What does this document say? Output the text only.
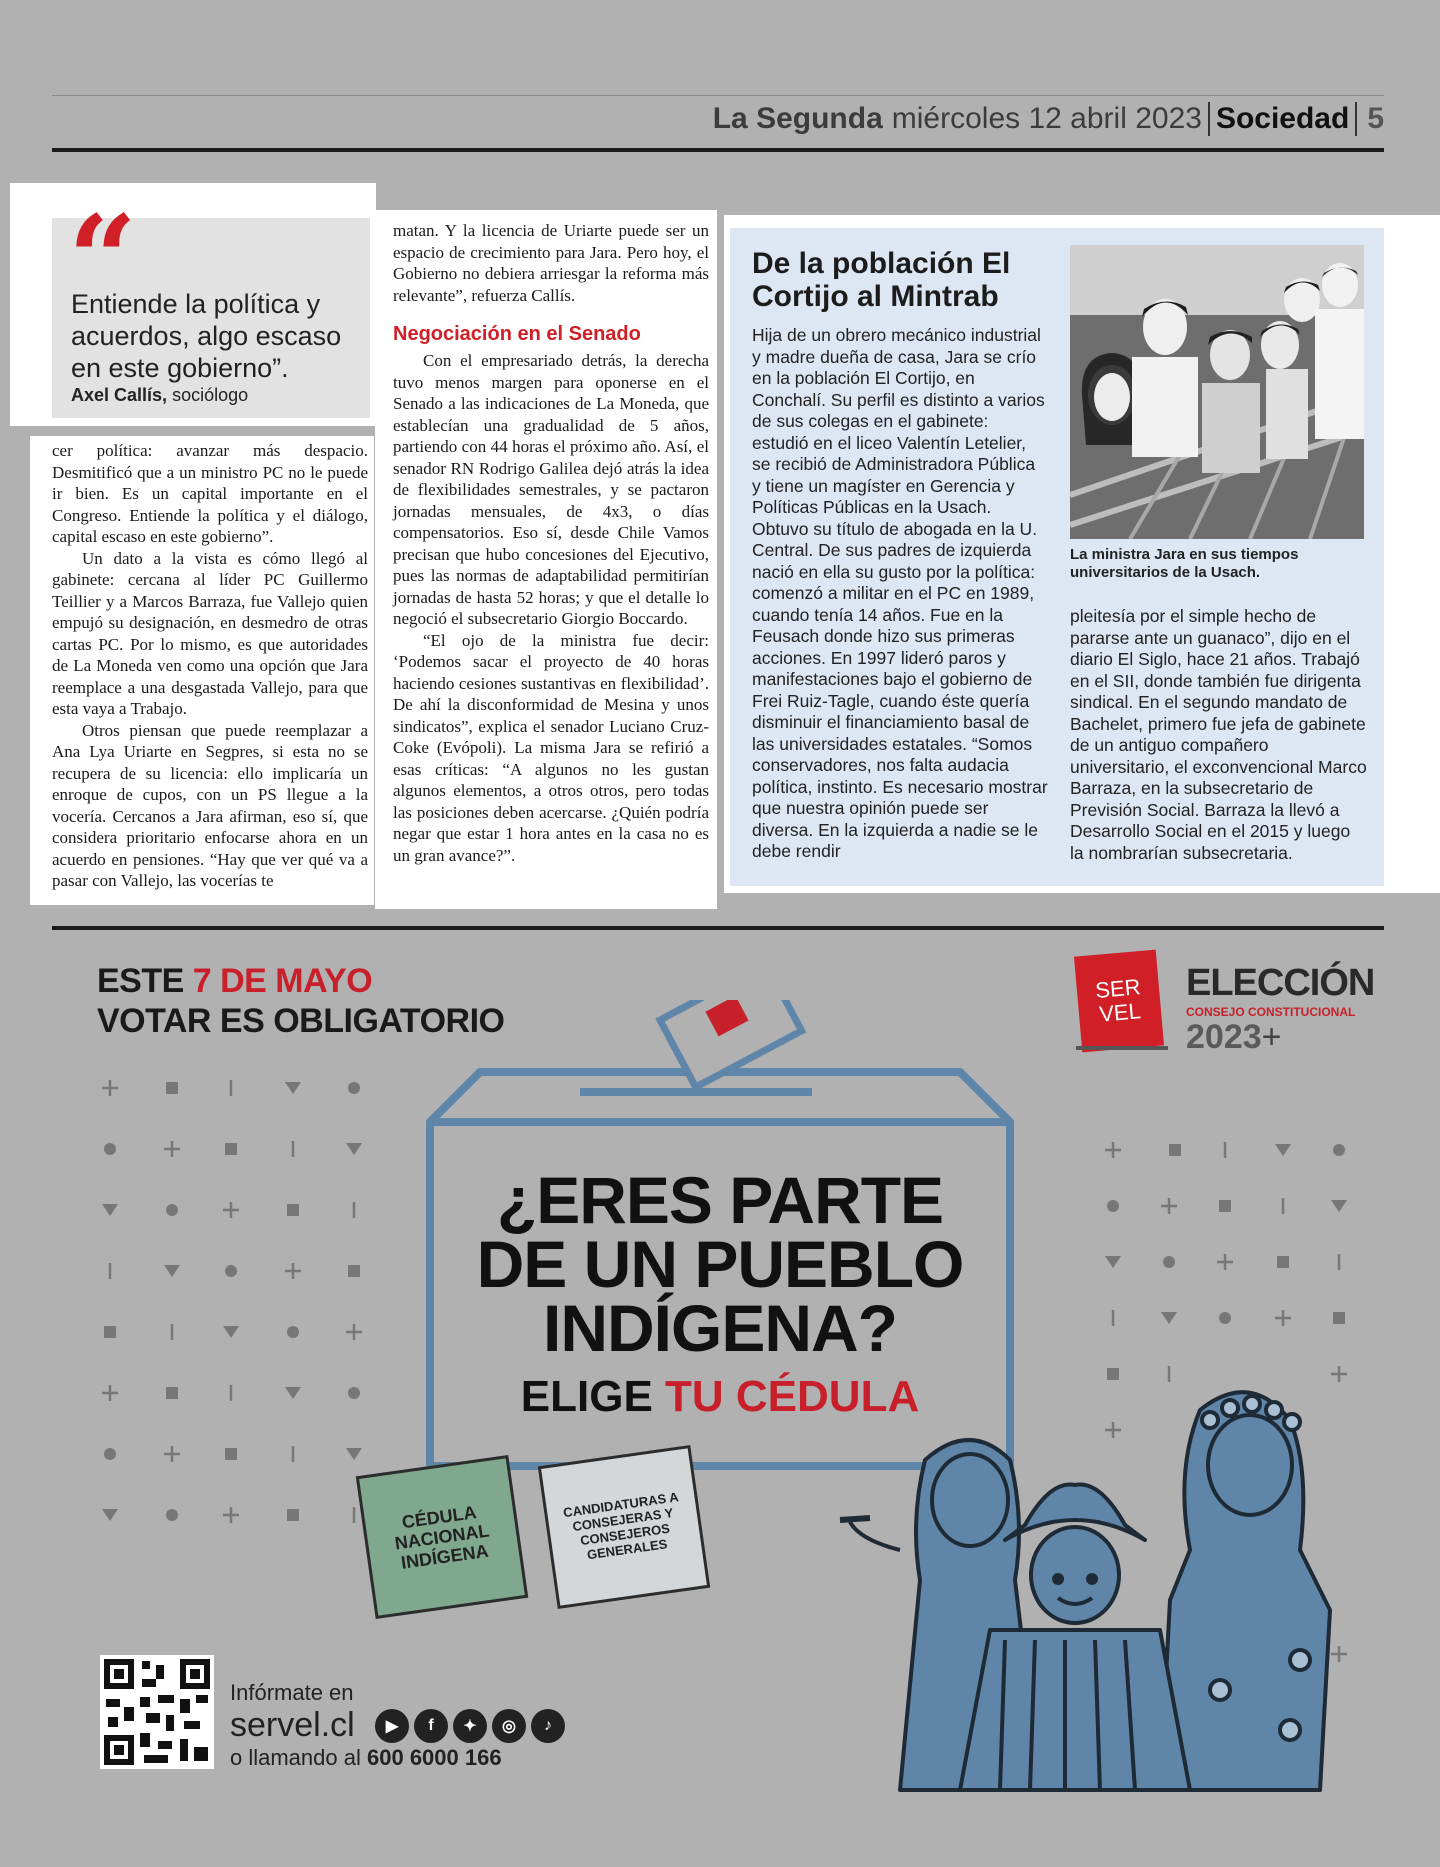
La Segunda miércoles 12 abril 2023 Sociedad 5
“
Entiende la política y acuerdos, algo escaso en este gobierno”.
Axel Callís, sociólogo

cer política: avanzar más despacio. Desmitificó que a un ministro PC no le puede ir bien. Es un capital importante en el Congreso. Entiende la política y el diálogo, capital escaso en este gobierno”.

Un dato a la vista es cómo llegó al gabinete: cercana al líder PC Guillermo Teillier y a Marcos Barraza, fue Vallejo quien empujó su designación, en desmedro de otras cartas PC. Por lo mismo, es que autoridades de La Moneda ven como una opción que Jara reemplace a una desgastada Vallejo, para que esta vaya a Trabajo.

Otros piensan que puede reemplazar a Ana Lya Uriarte en Segpres, si esta no se recupera de su licencia: ello implicaría un enroque de cupos, con un PS llegue a la vocería. Cercanos a Jara afirman, eso sí, que considera prioritario enfocarse ahora en un acuerdo en pensiones. “Hay que ver qué va a pasar con Vallejo, las vocerías te

matan. Y la licencia de Uriarte puede ser un espacio de crecimiento para Jara. Pero hoy, el Gobierno no debiera arriesgar la reforma más relevante”, refuerza Callís.

Negociación en el Senado

Con el empresariado detrás, la derecha tuvo menos margen para oponerse en el Senado a las indicaciones de La Moneda, que establecían una gradualidad de 5 años, partiendo con 44 horas el próximo año. Así, el senador RN Rodrigo Galilea dejó atrás la idea de flexibilidades semestrales, y se pactaron jornadas mensuales, de 4x3, o días compensatorios. Eso sí, desde Chile Vamos precisan que hubo concesiones del Ejecutivo, pues las normas de adaptabilidad permitirían jornadas de hasta 52 horas; y que el detalle lo negoció el subsecretario Giorgio Boccardo.

“El ojo de la ministra fue decir: ‘Podemos sacar el proyecto de 40 horas haciendo cesiones sustantivas en flexibilidad’. De ahí la disconformidad de Mesina y unos sindicatos”, explica el senador Luciano Cruz-Coke (Evópoli). La misma Jara se refirió a esas críticas: “A algunos no les gustan algunos elementos, a otros otros, pero todas las posiciones deben acercarse. ¿Quién podría negar que estar 1 hora antes en la casa no es un gran avance?”.

De la población El Cortijo al Mintrab
Hija de un obrero mecánico industrial y madre dueña de casa, Jara se crío en la población El Cortijo, en Conchalí. Su perfil es distinto a varios de sus colegas en el gabinete: estudió en el liceo Valentín Letelier, se recibió de Administradora Pública y tiene un magíster en Gerencia y Políticas Públicas en la Usach. Obtuvo su título de abogada en la U. Central. De sus padres de izquierda nació en ella su gusto por la política: comenzó a militar en el PC en 1989, cuando tenía 14 años. Fue en la Feusach donde hizo sus primeras acciones. En 1997 lideró paros y manifestaciones bajo el gobierno de Frei Ruiz-Tagle, cuando éste quería disminuir el financiamiento basal de las universidades estatales. “Somos conservadores, nos falta audacia política, instinto. Es necesario mostrar que nuestra opinión puede ser diversa. En la izquierda a nadie se le debe rendir
La ministra Jara en sus tiempos universitarios de la Usach.
pleitesía por el simple hecho de pararse ante un guanaco”, dijo en el diario El Siglo, hace 21 años. Trabajó en el SII, donde también fue dirigenta sindical. En el segundo mandato de Bachelet, primero fue jefa de gabinete de un antiguo compañero universitario, el exconvencional Marco Barraza, en la subsecretario de Previsión Social. Barraza la llevó a Desarrollo Social en el 2015 y luego la nombrarían subsecretaria.
ESTE 7 DE MAYO
VOTAR ES OBLIGATORIO
SER
VEL
ELECCIÓN
CONSEJO CONSTITUCIONAL
2023+
¿ERES PARTE
DE UN PUEBLO
INDÍGENA?
ELIGE TU CÉDULA
CÉDULA NACIONAL INDÍGENA
CANDIDATURAS A CONSEJERAS Y CONSEJEROS GENERALES
Infórmate en
servel.cl	▶	f	✦	◎	♪
o llamando al 600 6000 166
